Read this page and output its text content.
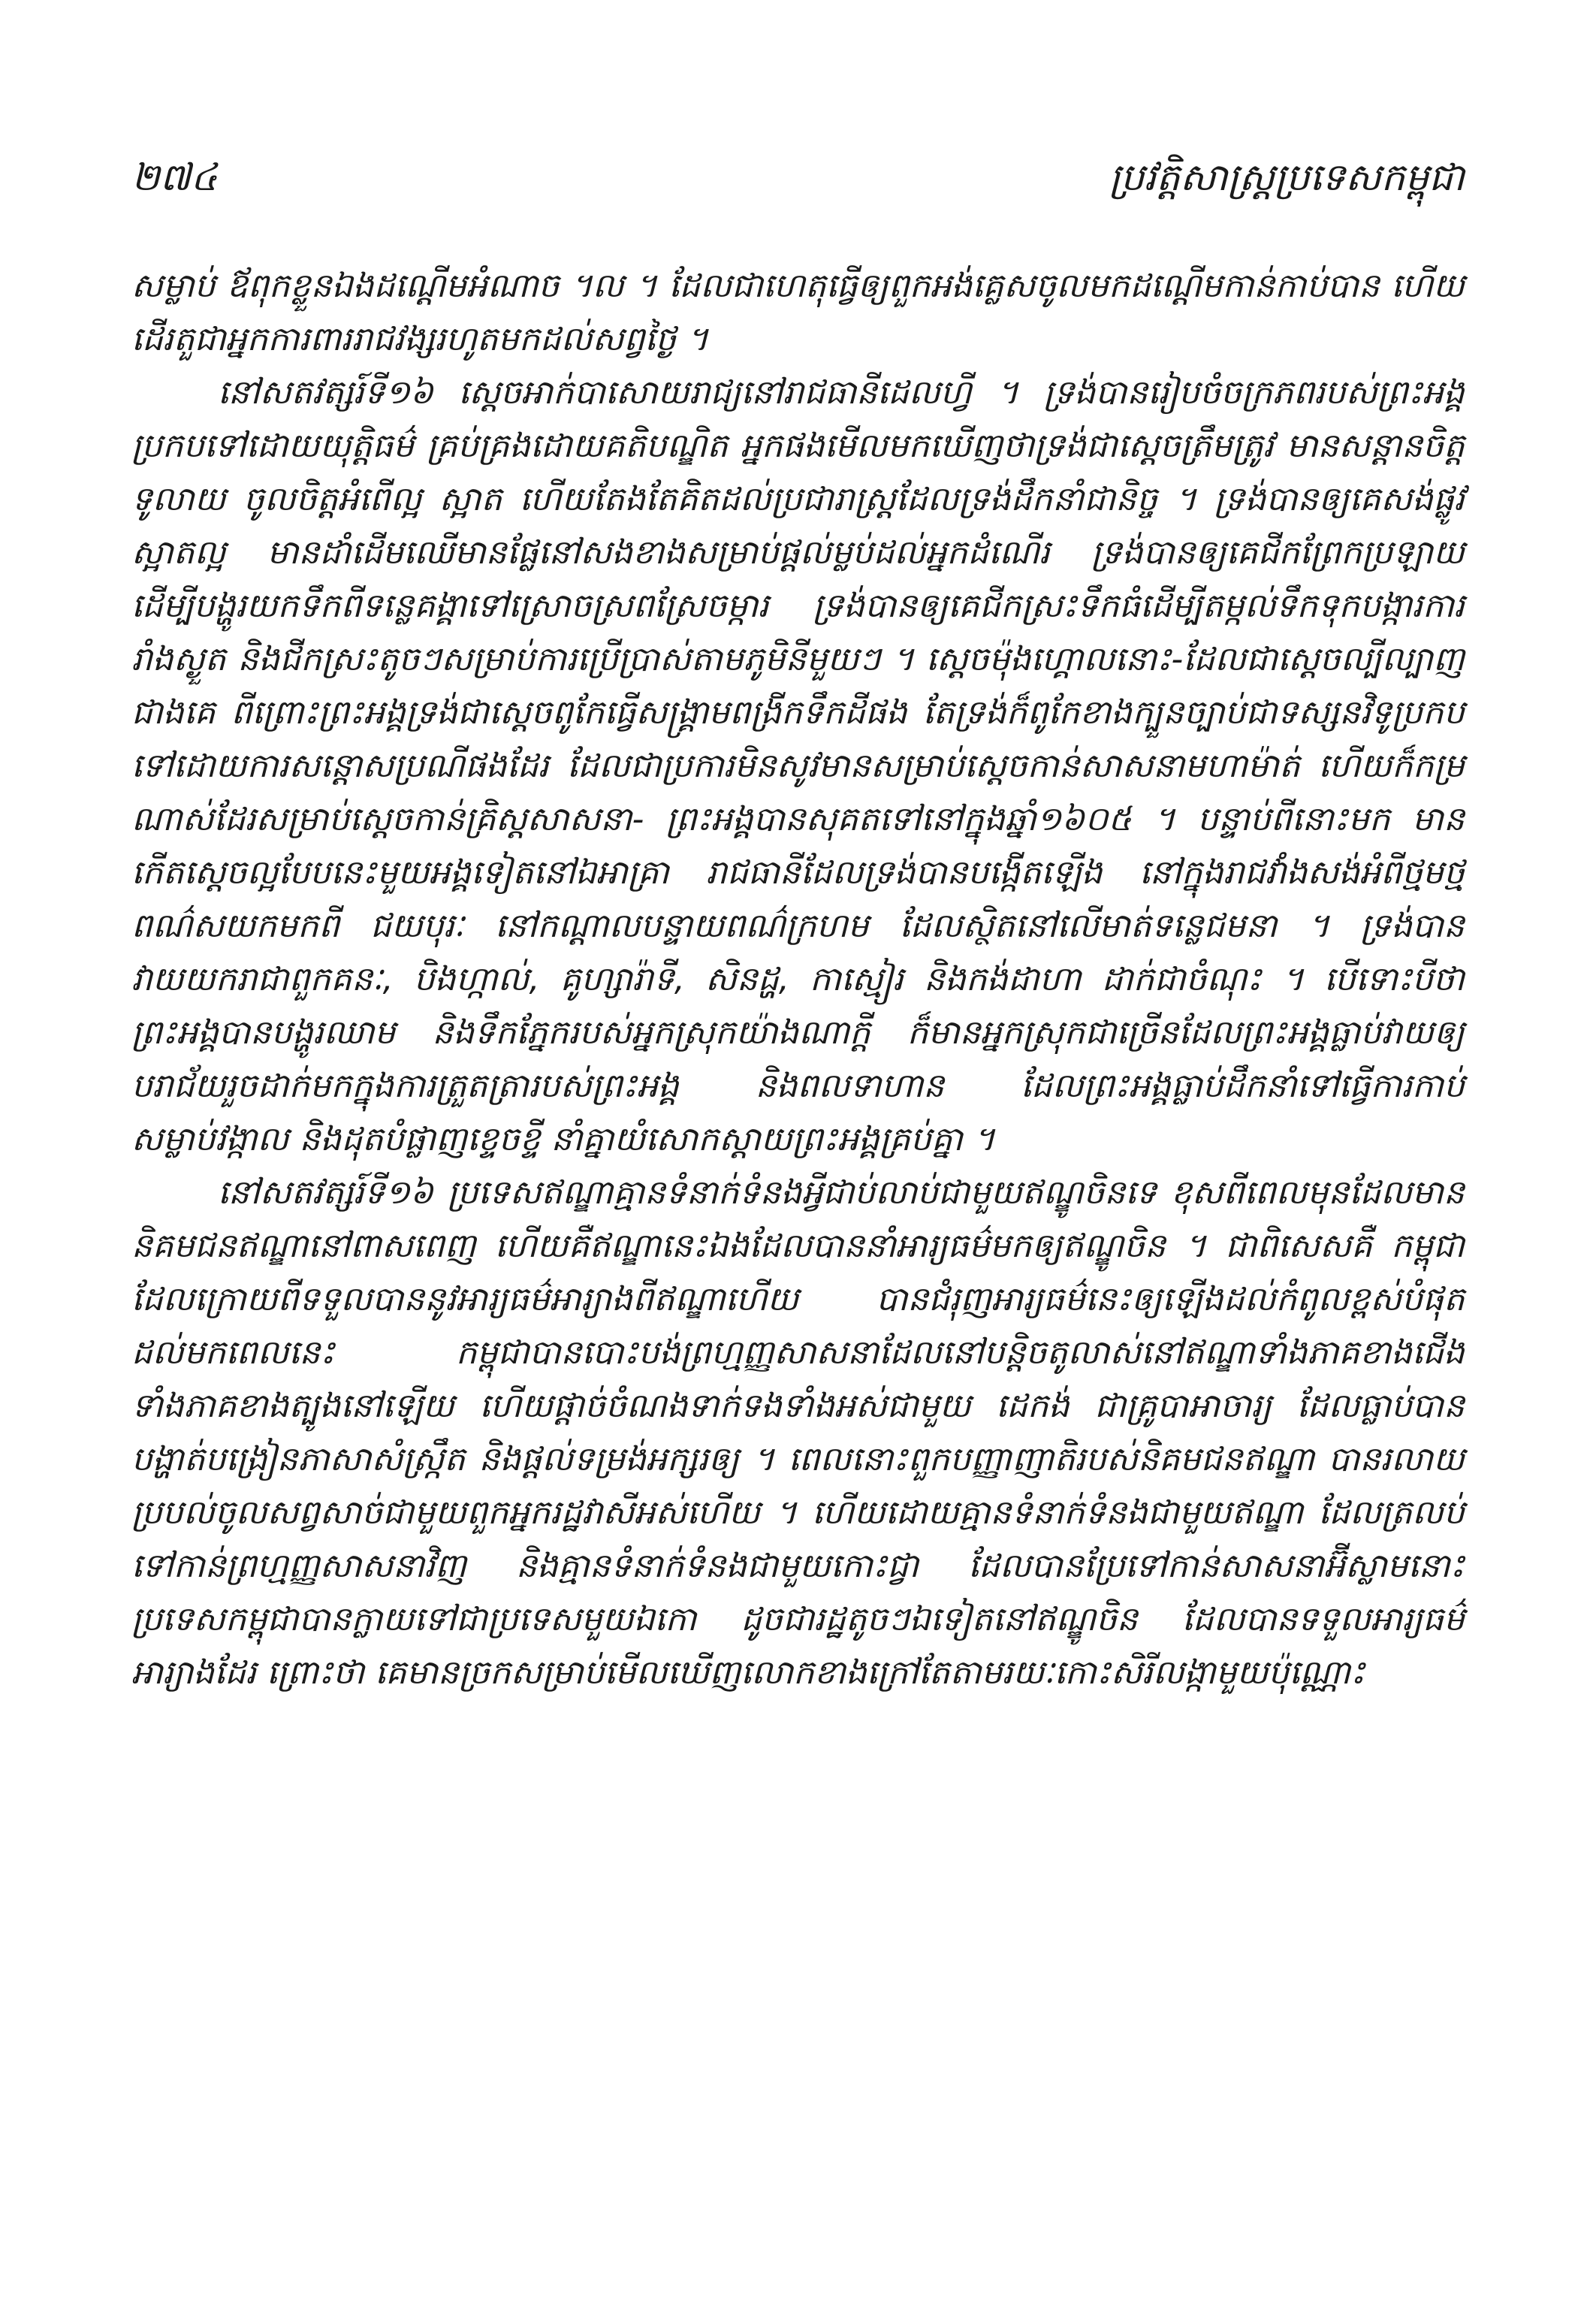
២៧៤	ប្រវត្តិសាស្ត្រប្រទេសកម្ពុជា

សម្លាប់ ឪពុកខ្លួនឯងដណ្តើមអំណាច ។ល ។ ដែលជាហេតុធ្វើឲ្យពួកអង់គ្លេសចូលមកដណ្តើមកាន់កាប់បាន ហើយដើរតួជាអ្នកការពាររាជវង្សរហូតមកដល់សព្វថ្ងៃ ។

នៅសតវត្សរ៍ទី១៦ ស្តេចអាក់បាសោយរាជ្យនៅរាជធានីដេលហ្វី ។ ទ្រង់បានរៀបចំចក្រភពរបស់ព្រះអង្គប្រកបទៅដោយយុត្តិធម៌ គ្រប់គ្រងដោយគតិបណ្ឌិត អ្នកផងមើលមកឃើញថាទ្រង់ជាស្តេចត្រឹមត្រូវ មានសន្តានចិត្តទូលាយ ចូលចិត្តអំពើល្អ ស្អាត ហើយតែងតែគិតដល់ប្រជារាស្ត្រដែលទ្រង់ដឹកនាំជានិច្ច ។ ទ្រង់បានឲ្យគេសង់ផ្លូវស្អាតល្អ មានដាំដើមឈើមានផ្លែនៅសងខាងសម្រាប់ផ្តល់ម្លប់ដល់អ្នកដំណើរ ទ្រង់បានឲ្យគេជីកព្រែកប្រឡាយដើម្បីបង្ហូរយកទឹកពីទន្លេគង្គាទៅស្រោចស្រពស្រែចម្ការ ទ្រង់បានឲ្យគេជីកស្រះទឹកធំដើម្បីតម្កល់ទឹកទុកបង្ការការរាំងស្ងួត និងជីកស្រះតូចៗសម្រាប់ការប្រើប្រាស់តាមភូមិនីមួយៗ ។ ស្តេចម៉ុងហ្គោលនោះ-ដែលជាស្តេចល្បីល្បាញជាងគេ ពីព្រោះព្រះអង្គទ្រង់ជាស្តេចពូកែធ្វើសង្គ្រាមពង្រីកទឹកដីផង តែទ្រង់ក៏ពូកែខាងក្បួនច្បាប់ជាទស្សនវិទូប្រកបទៅដោយការសន្តោសប្រណីផងដែរ ដែលជាប្រការមិនសូវមានសម្រាប់ស្តេចកាន់សាសនាមហាម៉ាត់ ហើយក៏កម្រណាស់ដែរសម្រាប់ស្តេចកាន់គ្រិស្តសាសនា- ព្រះអង្គបានសុគតទៅនៅក្នុងឆ្នាំ១៦០៥ ។ បន្ទាប់ពីនោះមក មានកើតស្តេចល្អបែបនេះមួយអង្គទៀតនៅឯអាគ្រា រាជធានីដែលទ្រង់បានបង្កើតឡើង នៅក្នុងរាជវាំងសង់អំពីថ្មមថ្មពណ៌សយកមកពី ជយបុរៈ នៅកណ្តាលបន្ទាយពណ៌ក្រហម ដែលស្ថិតនៅលើមាត់ទន្លេជមនា ។ ទ្រង់បានវាយយករាជាពួកគនៈ, បិងហ្កាល់, គូហ្សារ៉ាទី, សិនដ្ហ, កាស្មៀរ និងកង់ដាហា ដាក់ជាចំណុះ ។ បើទោះបីថាព្រះអង្គបានបង្ហូរឈាម និងទឹកភ្នែករបស់អ្នកស្រុកយ៉ាងណាក្តី ក៏មានអ្នកស្រុកជាច្រើនដែលព្រះអង្គធ្លាប់វាយឲ្យបរាជ័យរួចដាក់មកក្នុងការត្រួតត្រារបស់ព្រះអង្គ និងពលទាហាន ដែលព្រះអង្គធ្លាប់ដឹកនាំទៅធ្វើការកាប់សម្លាប់វង្កាល និងដុតបំផ្លាញខ្ទេចខ្ទី នាំគ្នាយំសោកស្តាយព្រះអង្គគ្រប់គ្នា ។

នៅសតវត្សរ៍ទី១៦ ប្រទេសឥណ្ឌាគ្មានទំនាក់ទំនងអ្វីជាប់លាប់ជាមួយឥណ្ឌូចិនទេ ខុសពីពេលមុនដែលមាននិគមជនឥណ្ឌានៅពាសពេញ ហើយគឺឥណ្ឌានេះឯងដែលបាននាំអារ្យធម៌មកឲ្យឥណ្ឌូចិន ។ ជាពិសេសគឺ កម្ពុជាដែលក្រោយពីទទួលបាននូវអារ្យធម៌អារ្យាងពីឥណ្ឌាហើយ បានជំរុញអារ្យធម៌នេះឲ្យឡើងដល់កំពូលខ្ពស់បំផុត ដល់មកពេលនេះ កម្ពុជាបានបោះបង់ព្រហ្មញ្ញសាសនាដែលនៅបន្តិចតូលាស់នៅឥណ្ឌាទាំងភាគខាងជើង ទាំងភាគខាងត្បូងនៅឡើយ ហើយផ្តាច់ចំណងទាក់ទងទាំងអស់ជាមួយ ដេកង់ ជាគ្រូបាអាចារ្យ ដែលធ្លាប់បានបង្ហាត់បង្រៀនភាសាសំស្ក្រឹត និងផ្តល់ទម្រង់អក្សរឲ្យ ។ ពេលនោះពួកបញ្ញាញាតិរបស់និគមជនឥណ្ឌា បានរលាយប្របល់ចូលសព្វសាច់ជាមួយពួកអ្នករដ្ឋវាសីអស់ហើយ ។ ហើយដោយគ្មានទំនាក់ទំនងជាមួយឥណ្ឌា ដែលត្រលប់ទៅកាន់ព្រហ្មញ្ញសាសនាវិញ និងគ្មានទំនាក់ទំនងជាមួយកោះជ្វា ដែលបានប្រែទៅកាន់សាសនាអ៊ីស្លាមនោះប្រទេសកម្ពុជាបានក្លាយទៅជាប្រទេសមួយឯកោ ដូចជារដ្ឋតូចៗឯទៀតនៅឥណ្ឌូចិន ដែលបានទទួលអារ្យធម៌អារ្យាងដែរ ព្រោះថា គេមានច្រកសម្រាប់មើលឃើញលោកខាងក្រៅតែតាមរយៈកោះសិរីលង្កាមួយប៉ុណ្ណោះ
